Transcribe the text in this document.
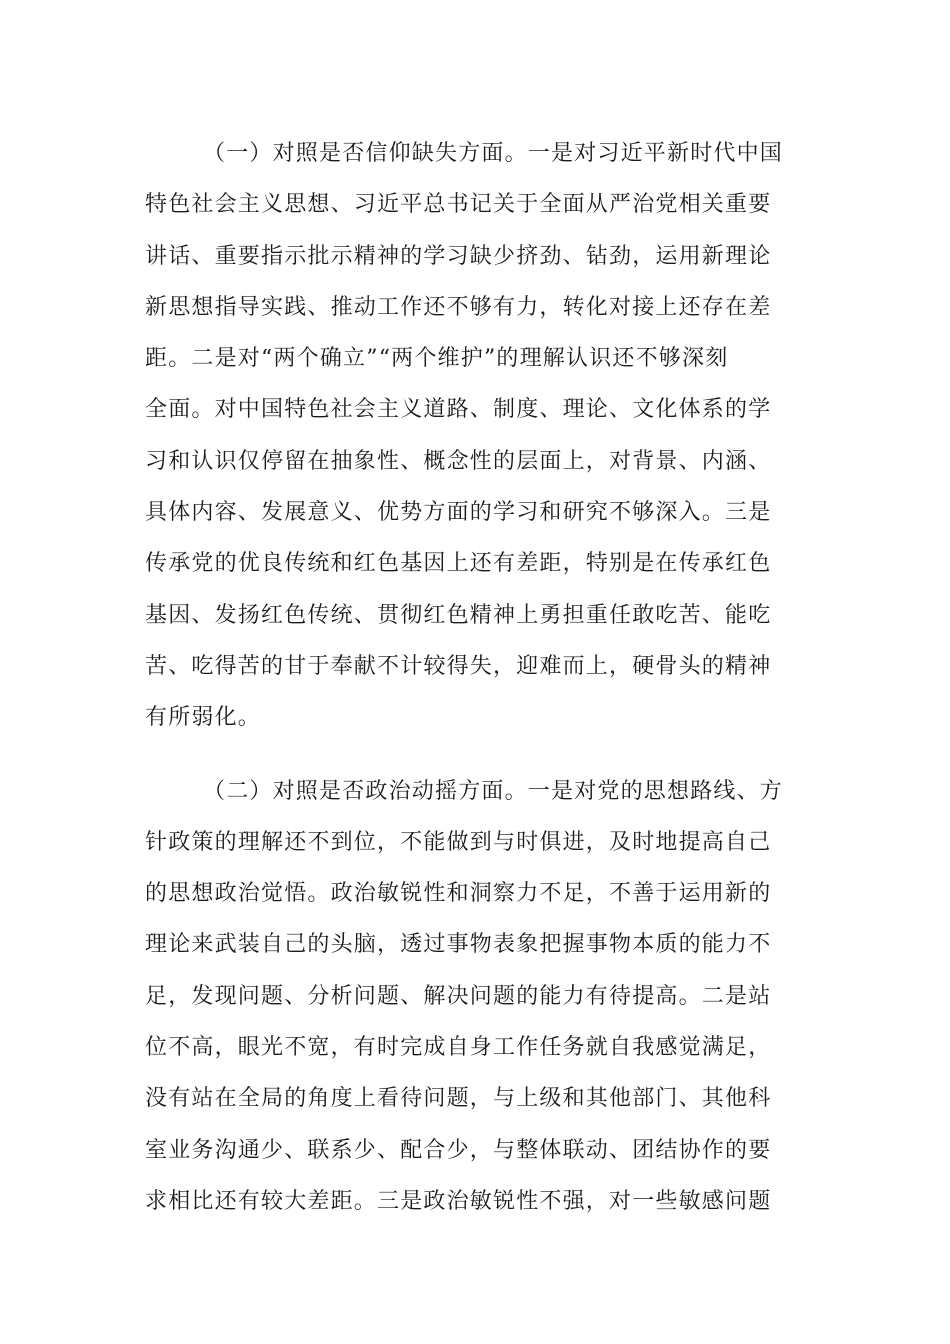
（一）对照是否信仰缺失方面。一是对习近平新时代中国
特色社会主义思想、习近平总书记关于全面从严治党相关重要
讲话、重要指示批示精神的学习缺少挤劲、钻劲，运用新理论
新思想指导实践、推动工作还不够有力，转化对接上还存在差
距。二是对“两个确立”“两个维护”的理解认识还不够深刻
全面。对中国特色社会主义道路、制度、理论、文化体系的学
习和认识仅停留在抽象性、概念性的层面上，对背景、内涵、
具体内容、发展意义、优势方面的学习和研究不够深入。三是
传承党的优良传统和红色基因上还有差距，特别是在传承红色
基因、发扬红色传统、贯彻红色精神上勇担重任敢吃苦、能吃
苦、吃得苦的甘于奉献不计较得失，迎难而上，硬骨头的精神
有所弱化。
（二）对照是否政治动摇方面。一是对党的思想路线、方
针政策的理解还不到位，不能做到与时俱进，及时地提高自己
的思想政治觉悟。政治敏锐性和洞察力不足，不善于运用新的
理论来武装自己的头脑，透过事物表象把握事物本质的能力不
足，发现问题、分析问题、解决问题的能力有待提高。二是站
位不高，眼光不宽，有时完成自身工作任务就自我感觉满足，
没有站在全局的角度上看待问题，与上级和其他部门、其他科
室业务沟通少、联系少、配合少，与整体联动、团结协作的要
求相比还有较大差距。三是政治敏锐性不强，对一些敏感问题
